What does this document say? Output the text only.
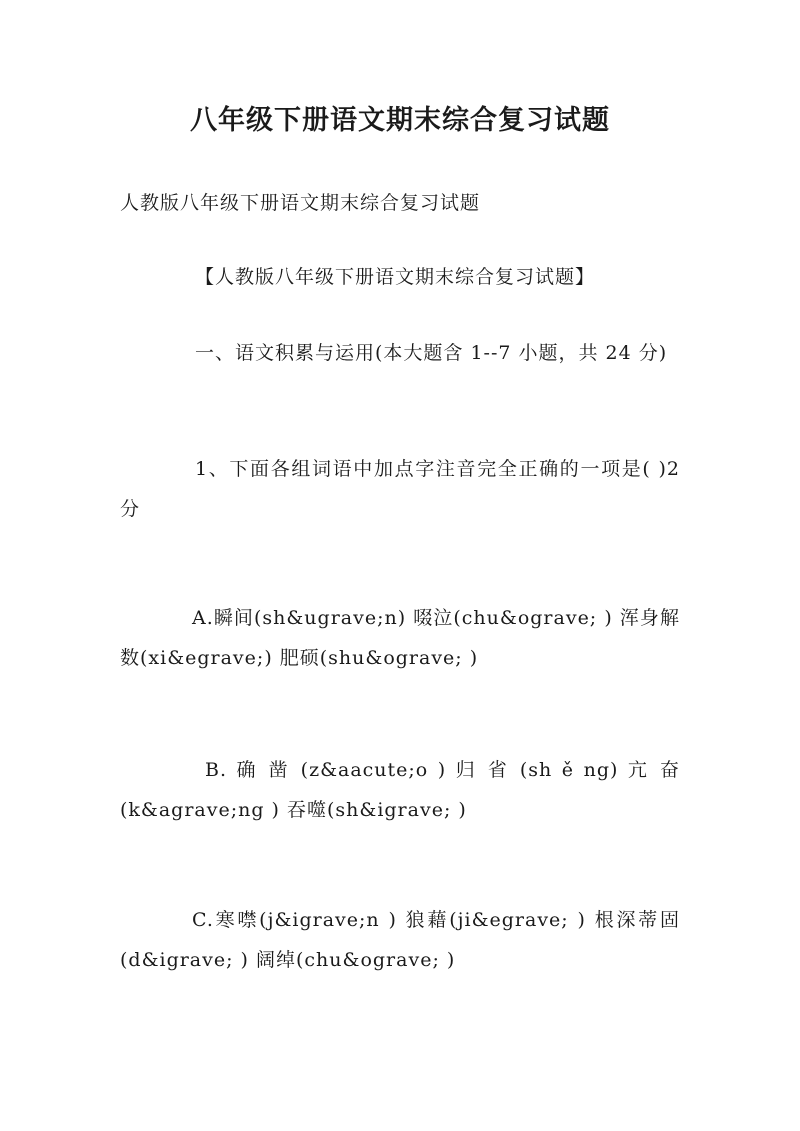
八年级下册语文期末综合复习试题
人教版八年级下册语文期末综合复习试题
【人教版八年级下册语文期末综合复习试题】
一、语文积累与运用(本大题含 1--7 小题，共 24 分)
1、下面各组词语中加点字注音完全正确的一项是( )2 分
A.瞬间(sh&ugrave;n) 啜泣(chu&ograve; ) 浑身解数(xi&egrave;) 肥硕(shu&ograve; )
B. 确 凿 (z&aacute;o ) 归 省 (sh ě ng) 亢 奋 (k&agrave;ng ) 吞噬(sh&igrave; )
C.寒噤(j&igrave;n ) 狼藉(ji&egrave; ) 根深蒂固(d&igrave; ) 阔绰(chu&ograve; )
